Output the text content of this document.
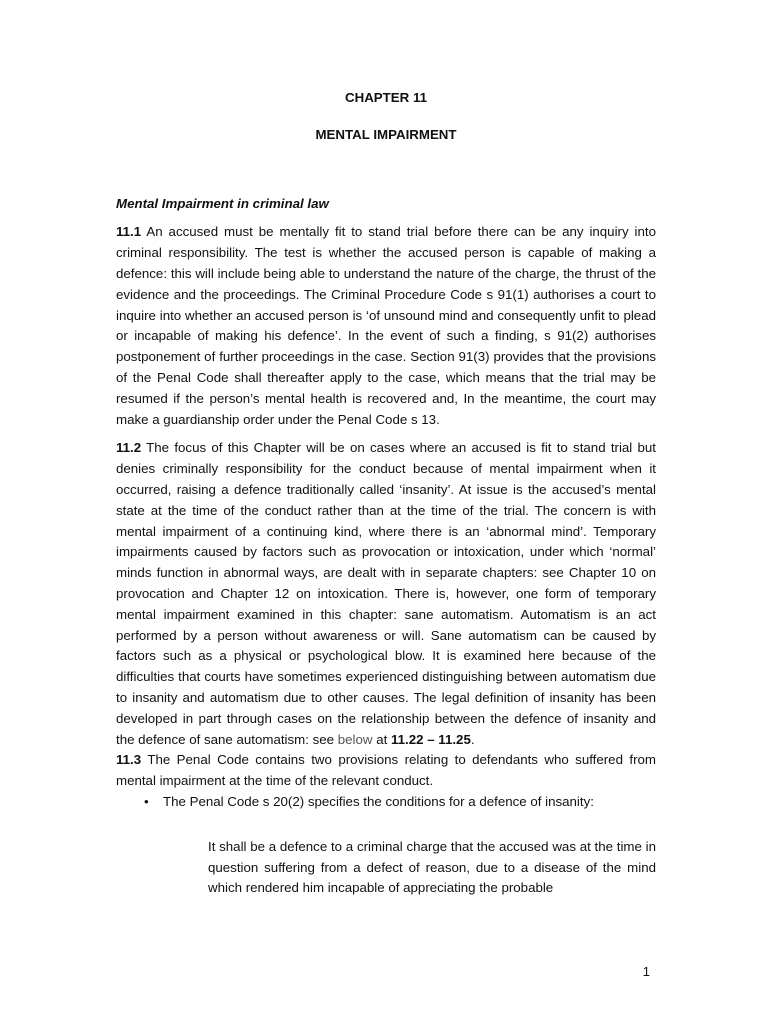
CHAPTER 11

MENTAL IMPAIRMENT

Mental Impairment in criminal law

11.1 An accused must be mentally fit to stand trial before there can be any inquiry into criminal responsibility. The test is whether the accused person is capable of making a defence: this will include being able to understand the nature of the charge, the thrust of the evidence and the proceedings. The Criminal Procedure Code s 91(1) authorises a court to inquire into whether an accused person is ‘of unsound mind and consequently unfit to plead or incapable of making his defence’. In the event of such a finding, s 91(2) authorises postponement of further proceedings in the case. Section 91(3) provides that the provisions of the Penal Code shall thereafter apply to the case, which means that the trial may be resumed if the person’s mental health is recovered and, In the meantime, the court may make a guardianship order under the Penal Code s 13.

11.2 The focus of this Chapter will be on cases where an accused is fit to stand trial but denies criminally responsibility for the conduct because of mental impairment when it occurred, raising a defence traditionally called ‘insanity’. At issue is the accused’s mental state at the time of the conduct rather than at the time of the trial. The concern is with mental impairment of a continuing kind, where there is an ‘abnormal mind’. Temporary impairments caused by factors such as provocation or intoxication, under which ‘normal’ minds function in abnormal ways, are dealt with in separate chapters: see Chapter 10 on provocation and Chapter 12 on intoxication. There is, however, one form of temporary mental impairment examined in this chapter: sane automatism. Automatism is an act performed by a person without awareness or will. Sane automatism can be caused by factors such as a physical or psychological blow. It is examined here because of the difficulties that courts have sometimes experienced distinguishing between automatism due to insanity and automatism due to other causes. The legal definition of insanity has been developed in part through cases on the relationship between the defence of insanity and the defence of sane automatism: see below at 11.22 – 11.25.

11.3 The Penal Code contains two provisions relating to defendants who suffered from mental impairment at the time of the relevant conduct.

• The Penal Code s 20(2) specifies the conditions for a defence of insanity:

It shall be a defence to a criminal charge that the accused was at the time in question suffering from a defect of reason, due to a disease of the mind which rendered him incapable of appreciating the probable

1
